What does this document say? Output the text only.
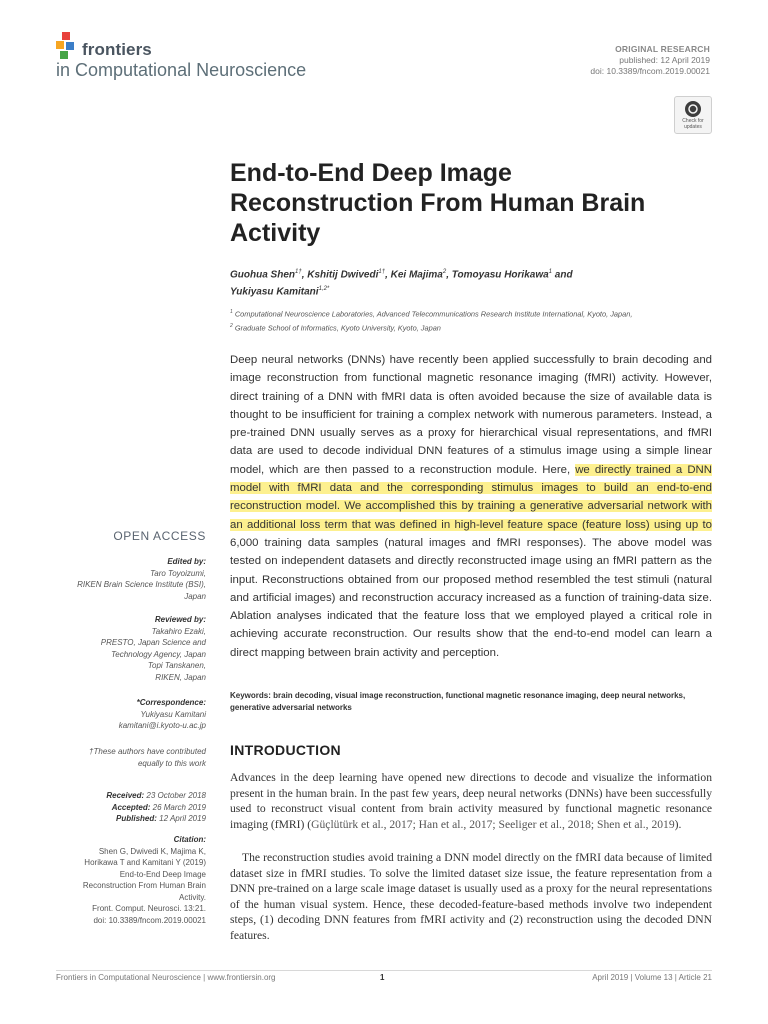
frontiers
in Computational Neuroscience
ORIGINAL RESEARCH
published: 12 April 2019
doi: 10.3389/fncom.2019.00021
Check for updates
End-to-End Deep Image Reconstruction From Human Brain Activity
Guohua Shen$^{1\dagger}$, Kshitij Dwivedi$^{1\dagger}$, Kei Majima$^2$, Tomoyasu Horikawa$^1$ and
Yukiyasu Kamitani$^{1,2*}$
$^1$ Computational Neuroscience Laboratories, Advanced Telecommunications Research Institute International, Kyoto, Japan,
$^2$ Graduate School of Informatics, Kyoto University, Kyoto, Japan
Deep neural networks (DNNs) have recently been applied successfully to brain decoding and image reconstruction from functional magnetic resonance imaging (fMRI) activity. However, direct training of a DNN with fMRI data is often avoided because the size of available data is thought to be insufficient for training a complex network with numerous parameters. Instead, a pre-trained DNN usually serves as a proxy for hierarchical visual representations, and fMRI data are used to decode individual DNN features of a stimulus image using a simple linear model, which are then passed to a reconstruction module. Here, we directly trained a DNN model with fMRI data and the corresponding stimulus images to build an end-to-end reconstruction model. We accomplished this by training a generative adversarial network with an additional loss term that was defined in high-level feature space (feature loss) using up to 6,000 training data samples (natural images and fMRI responses). The above model was tested on independent datasets and directly reconstructed image using an fMRI pattern as the input. Reconstructions obtained from our proposed method resembled the test stimuli (natural and artificial images) and reconstruction accuracy increased as a function of training-data size. Ablation analyses indicated that the feature loss that we employed played a critical role in achieving accurate reconstruction. Our results show that the end-to-end model can learn a direct mapping between brain activity and perception.
Keywords: brain decoding, visual image reconstruction, functional magnetic resonance imaging, deep neural networks, generative adversarial networks
INTRODUCTION

Advances in the deep learning have opened new directions to decode and visualize the information present in the human brain. In the past few years, deep neural networks (DNNs) have been successfully used to reconstruct visual content from brain activity measured by functional magnetic resonance imaging (fMRI) (Güçlütürk et al., 2017; Han et al., 2017; Seeliger et al., 2018; Shen et al., 2019).

The reconstruction studies avoid training a DNN model directly on the fMRI data because of limited dataset size in fMRI studies. To solve the limited dataset size issue, the feature representation from a DNN pre-trained on a large scale image dataset is usually used as a proxy for the neural representations of the human visual system. Hence, these decoded-feature-based methods involve two independent steps, (1) decoding DNN features from fMRI activity and (2) reconstruction using the decoded DNN features.

OPEN ACCESS
Edited by:
Taro Toyoizumi,
RIKEN Brain Science Institute (BSI),
Japan
Reviewed by:
Takahiro Ezaki,
PRESTO, Japan Science and
Technology Agency, Japan
Topi Tanskanen,
RIKEN, Japan
*Correspondence:
Yukiyasu Kamitani
kamitani@i.kyoto-u.ac.jp
†These authors have contributed
equally to this work
Received: 23 October 2018
Accepted: 26 March 2019
Published: 12 April 2019
Citation:
Shen G, Dwivedi K, Majima K,
Horikawa T and Kamitani Y (2019)
End-to-End Deep Image
Reconstruction From Human Brain
Activity.
Front. Comput. Neurosci. 13:21.
doi: 10.3389/fncom.2019.00021
Frontiers in Computational Neuroscience | www.frontiersin.org	1	April 2019 | Volume 13 | Article 21
